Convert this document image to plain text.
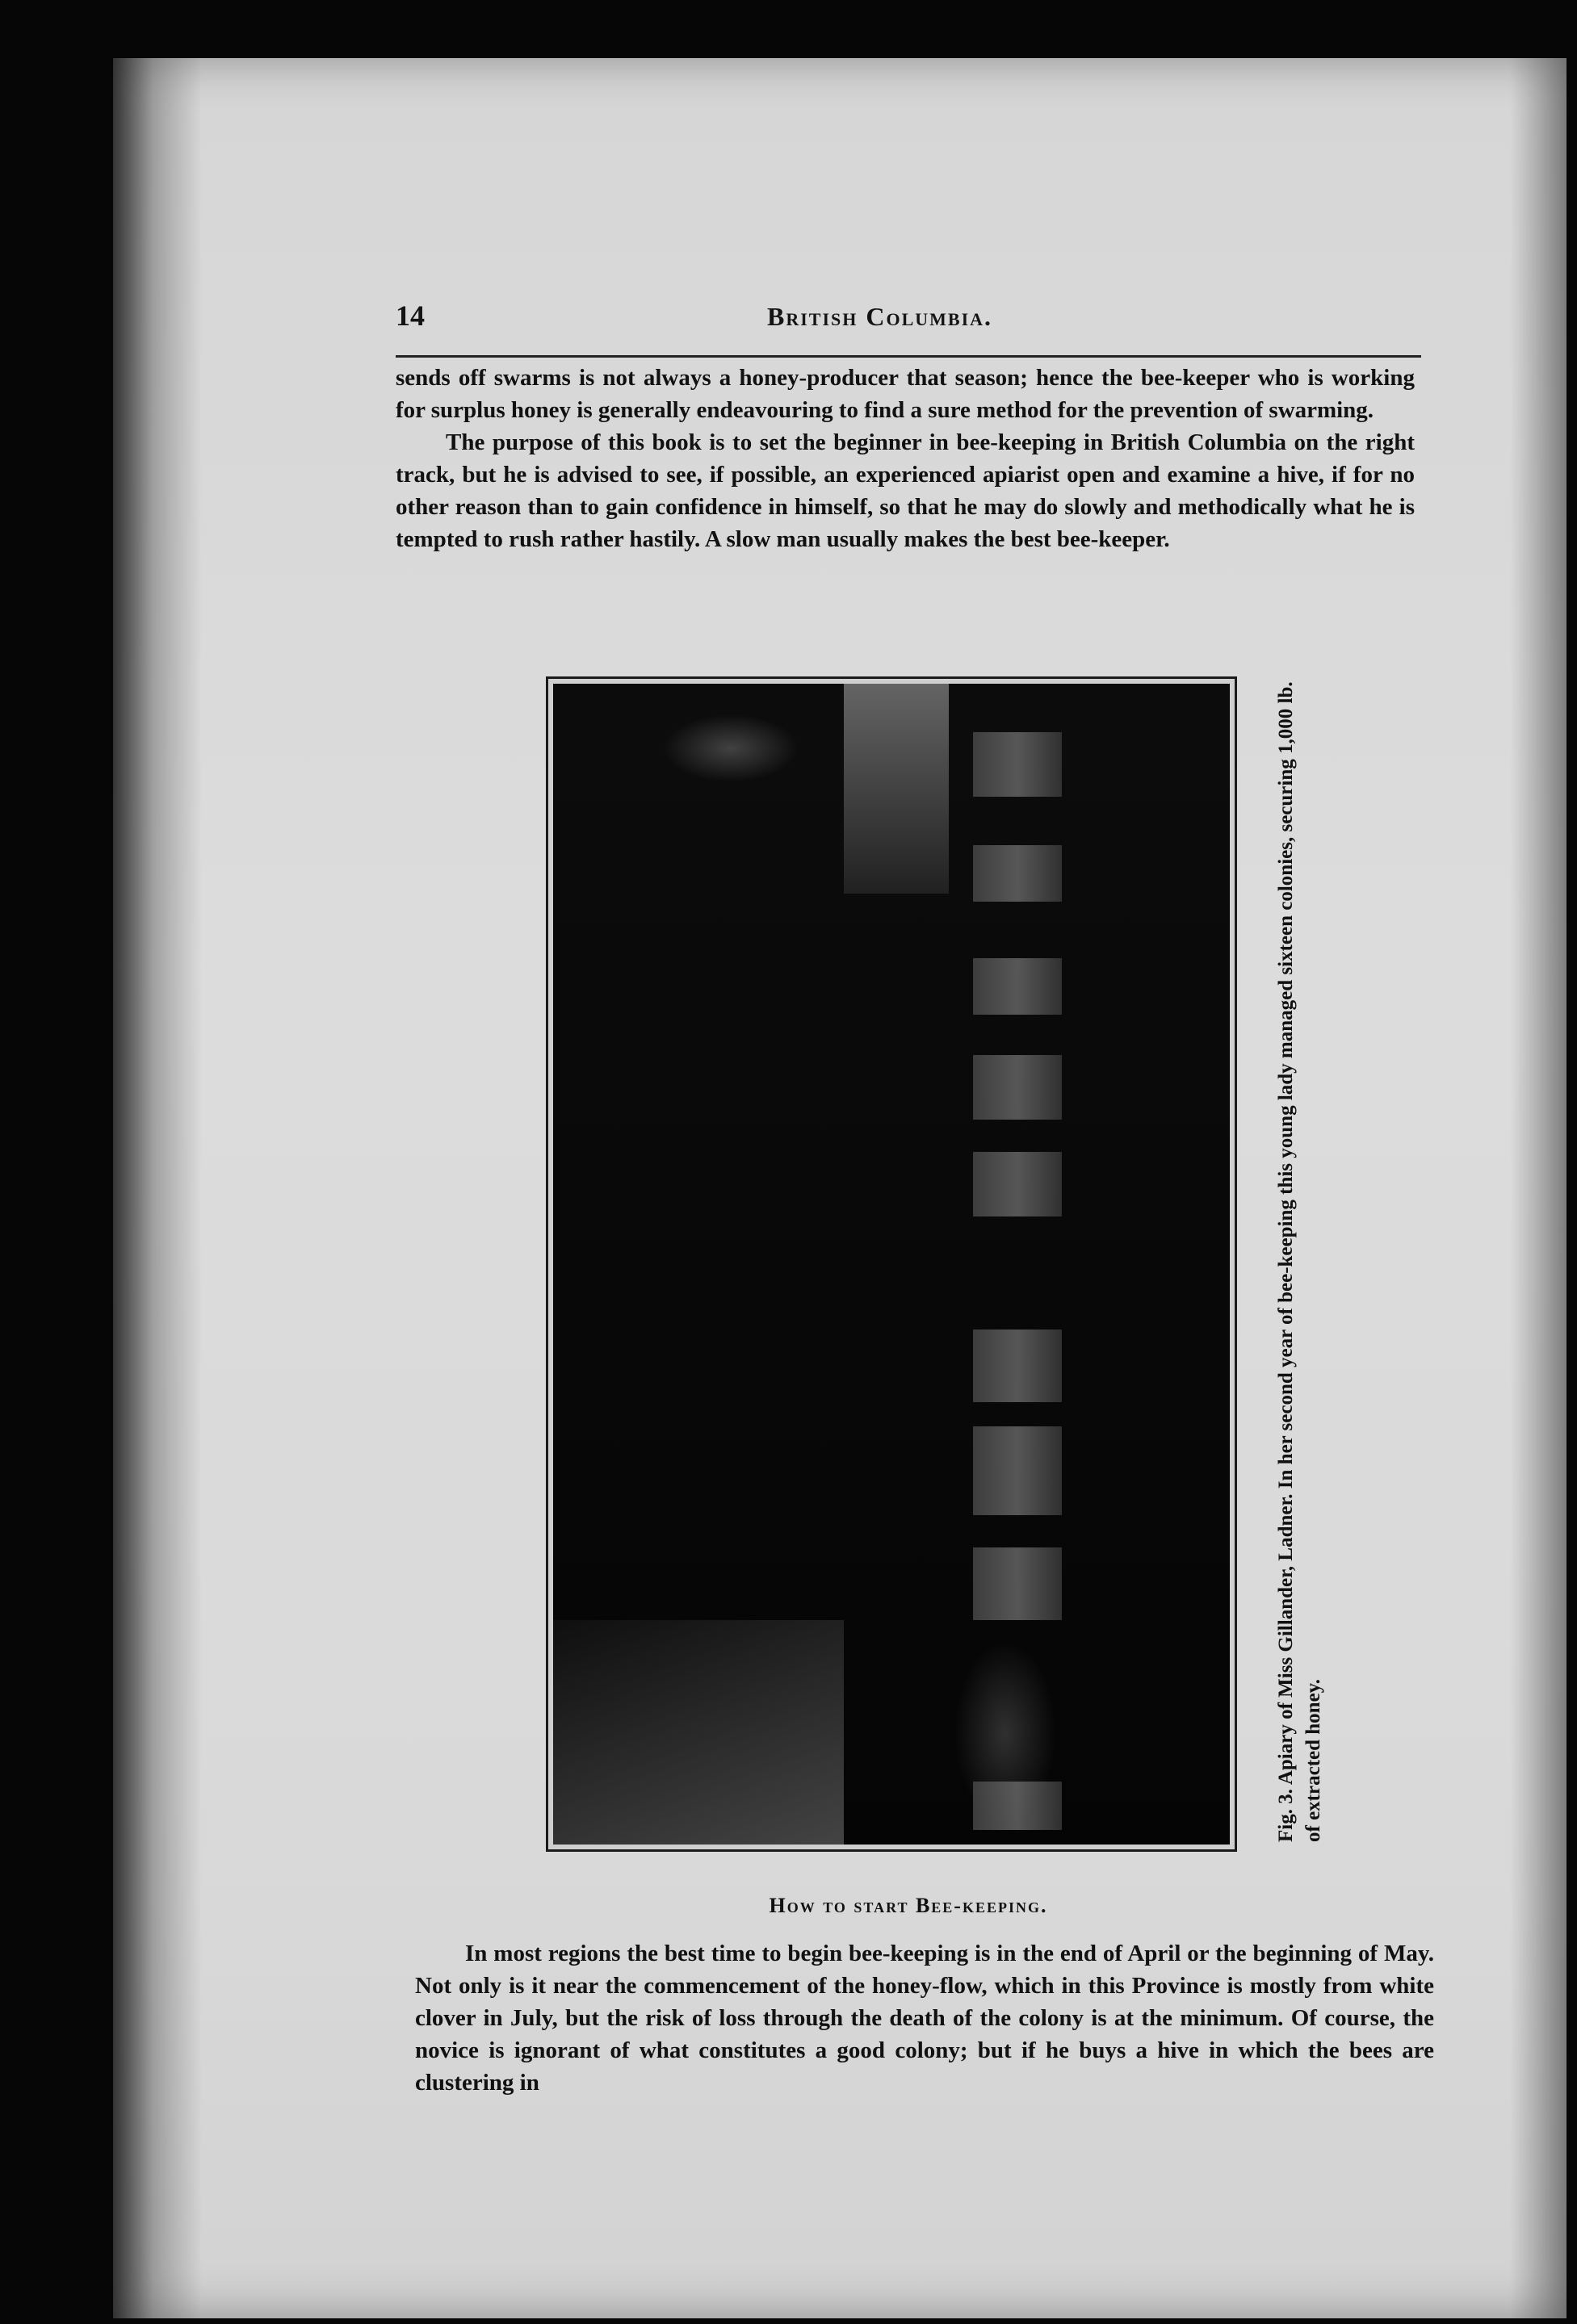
14	British Columbia.

sends off swarms is not always a honey-producer that season; hence the bee-keeper who is working for surplus honey is generally endeavouring to find a sure method for the prevention of swarming.

The purpose of this book is to set the beginner in bee-keeping in British Columbia on the right track, but he is advised to see, if possible, an experienced apiarist open and examine a hive, if for no other reason than to gain confidence in himself, so that he may do slowly and methodically what he is tempted to rush rather hastily. A slow man usually makes the best bee-keeper.

Fig. 3. Apiary of Miss Gillander, Ladner. In her second year of bee-keeping this young lady managed sixteen colonies, securing 1,000 lb. of extracted honey.

How to start Bee-keeping.

In most regions the best time to begin bee-keeping is in the end of April or the beginning of May. Not only is it near the commencement of the honey-flow, which in this Province is mostly from white clover in July, but the risk of loss through the death of the colony is at the minimum. Of course, the novice is ignorant of what constitutes a good colony; but if he buys a hive in which the bees are clustering in
